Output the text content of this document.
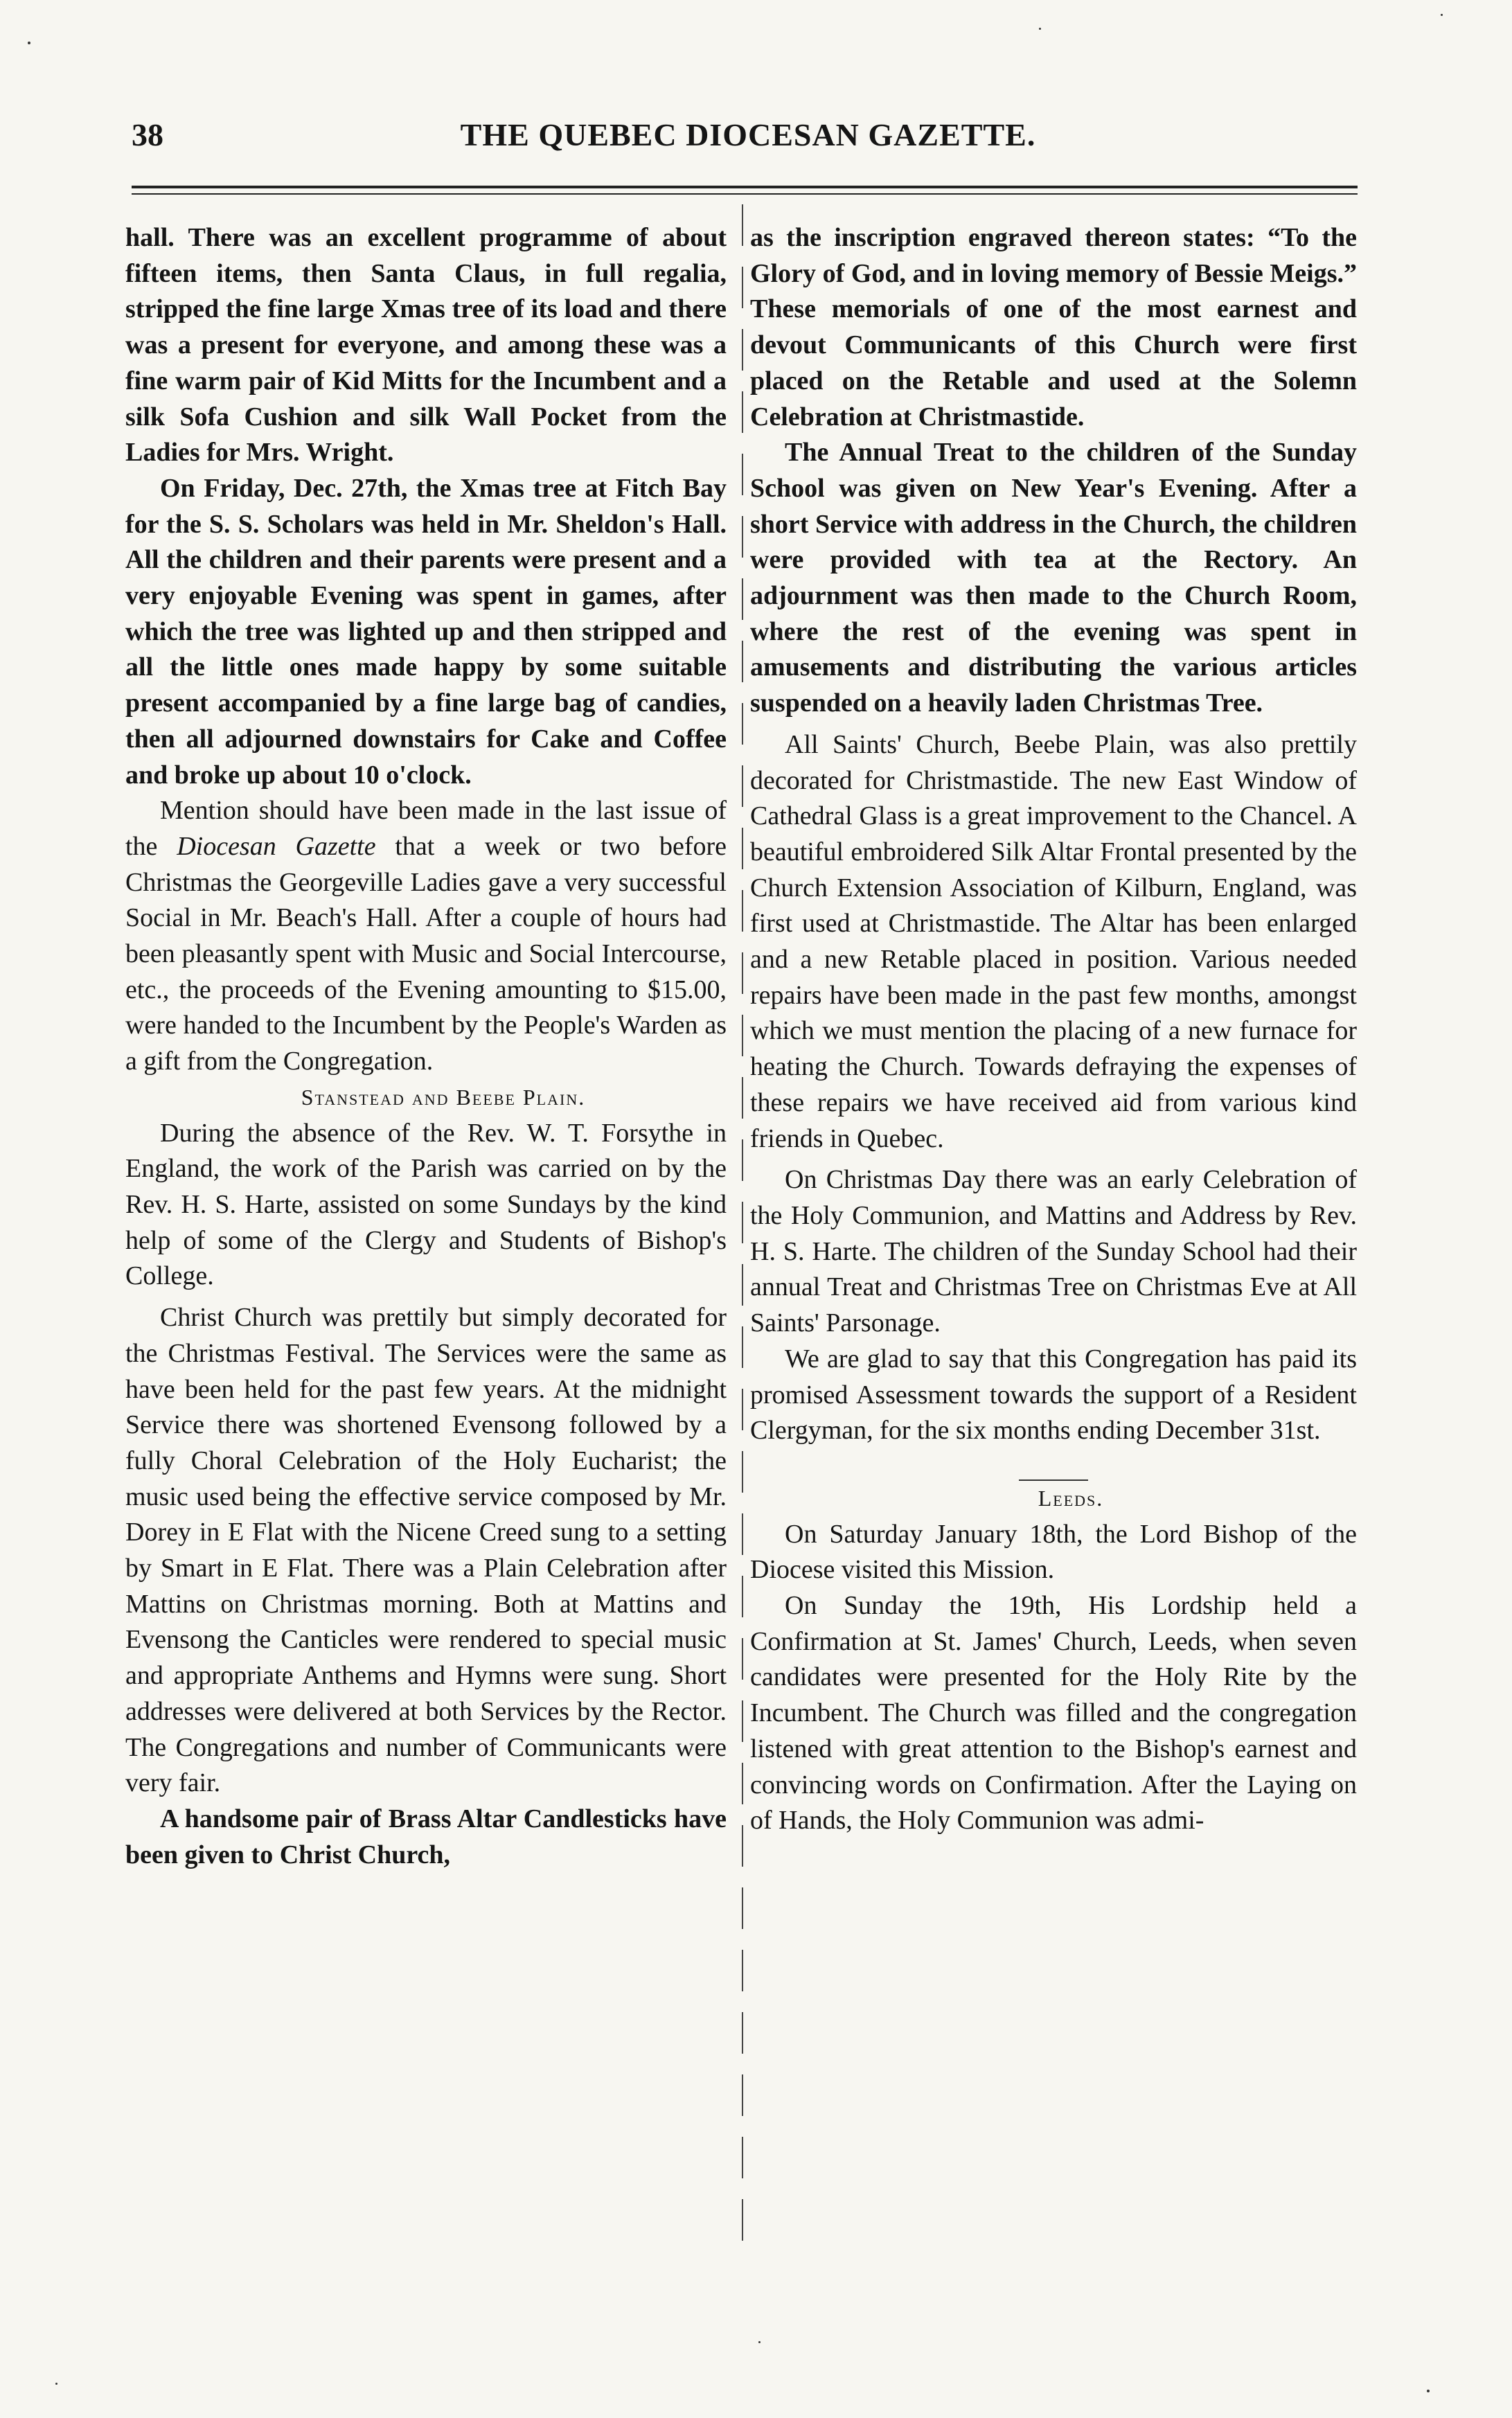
38	THE QUEBEC DIOCESAN GAZETTE.

hall. There was an excellent programme of about fifteen items, then Santa Claus, in full regalia, stripped the fine large Xmas tree of its load and there was a present for everyone, and among these was a fine warm pair of Kid Mitts for the Incumbent and a silk Sofa Cushion and silk Wall Pocket from the Ladies for Mrs. Wright.

On Friday, Dec. 27th, the Xmas tree at Fitch Bay for the S. S. Scholars was held in Mr. Sheldon's Hall. All the children and their parents were present and a very enjoyable Evening was spent in games, after which the tree was lighted up and then stripped and all the little ones made happy by some suitable present accompanied by a fine large bag of candies, then all adjourned downstairs for Cake and Coffee and broke up about 10 o'clock.

Mention should have been made in the last issue of the Diocesan Gazette that a week or two before Christmas the Georgeville Ladies gave a very successful Social in Mr. Beach's Hall. After a couple of hours had been pleasantly spent with Music and Social Intercourse, etc., the proceeds of the Evening amounting to $15.00, were handed to the Incumbent by the People's Warden as a gift from the Congregation.

Stanstead and Beebe Plain.

During the absence of the Rev. W. T. Forsythe in England, the work of the Parish was carried on by the Rev. H. S. Harte, assisted on some Sundays by the kind help of some of the Clergy and Students of Bishop's College.

Christ Church was prettily but simply decorated for the Christmas Festival. The Services were the same as have been held for the past few years. At the midnight Service there was shortened Evensong followed by a fully Choral Celebration of the Holy Eucharist; the music used being the effective service composed by Mr. Dorey in E Flat with the Nicene Creed sung to a setting by Smart in E Flat. There was a Plain Celebration after Mattins on Christmas morning. Both at Mattins and Evensong the Canticles were rendered to special music and appropriate Anthems and Hymns were sung. Short addresses were delivered at both Services by the Rector. The Congregations and number of Communicants were very fair.

A handsome pair of Brass Altar Candlesticks have been given to Christ Church,

as the inscription engraved thereon states: “To the Glory of God, and in loving memory of Bessie Meigs.” These memorials of one of the most earnest and devout Communicants of this Church were first placed on the Retable and used at the Solemn Celebration at Christmastide.

The Annual Treat to the children of the Sunday School was given on New Year's Evening. After a short Service with address in the Church, the children were provided with tea at the Rectory. An adjournment was then made to the Church Room, where the rest of the evening was spent in amusements and distributing the various articles suspended on a heavily laden Christmas Tree.

All Saints' Church, Beebe Plain, was also prettily decorated for Christmastide. The new East Window of Cathedral Glass is a great improvement to the Chancel. A beautiful embroidered Silk Altar Frontal presented by the Church Extension Association of Kilburn, England, was first used at Christmastide. The Altar has been enlarged and a new Retable placed in position. Various needed repairs have been made in the past few months, amongst which we must mention the placing of a new furnace for heating the Church. Towards defraying the expenses of these repairs we have received aid from various kind friends in Quebec.

On Christmas Day there was an early Celebration of the Holy Communion, and Mattins and Address by Rev. H. S. Harte. The children of the Sunday School had their annual Treat and Christmas Tree on Christmas Eve at All Saints' Parsonage.

We are glad to say that this Congregation has paid its promised Assessment towards the support of a Resident Clergyman, for the six months ending December 31st.

Leeds.

On Saturday January 18th, the Lord Bishop of the Diocese visited this Mission.

On Sunday the 19th, His Lordship held a Confirmation at St. James' Church, Leeds, when seven candidates were presented for the Holy Rite by the Incumbent. The Church was filled and the congregation listened with great attention to the Bishop's earnest and convincing words on Confirmation. After the Laying on of Hands, the Holy Communion was admi-
